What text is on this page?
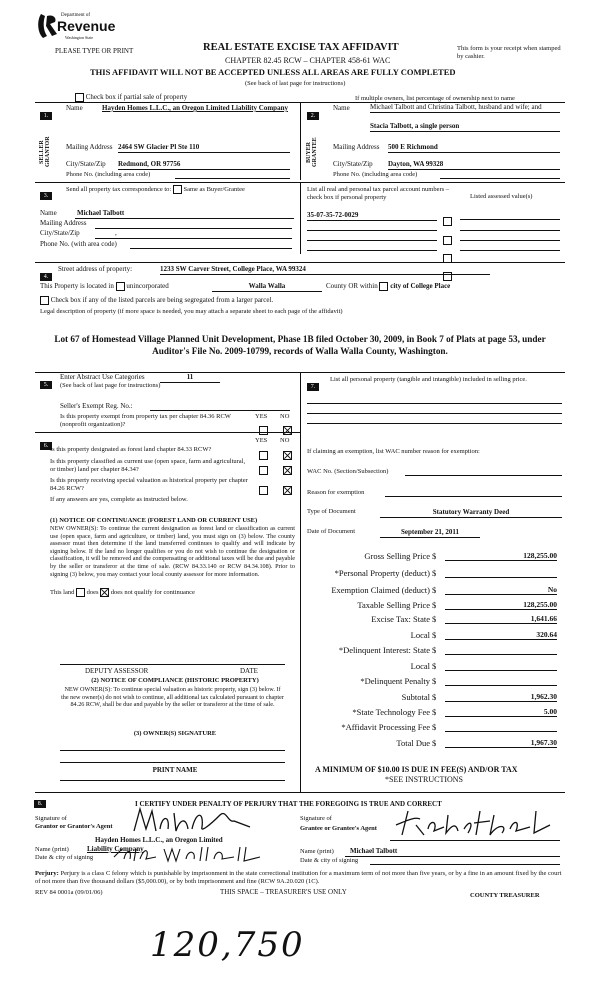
Department of
Revenue
Washington State
PLEASE TYPE OR PRINT	REAL ESTATE EXCISE TAX AFFIDAVIT
CHAPTER 82.45 RCW – CHAPTER 458-61 WAC
This form is your receipt when stamped by cashier.
THIS AFFIDAVIT WILL NOT BE ACCEPTED UNLESS ALL AREAS ARE FULLY COMPLETED
(See back of last page for instructions)
Check box if partial sale of property	If multiple owners, list percentage of ownership next to name
1.
Name	Hayden Homes L.L.C., an Oregon Limited Liability Company
SELLER GRANTOR Mailing Address 2464 SW Glacier Pl Ste 110
City/State/Zip Redmond, OR 97756
Phone No. (including area code)
2.
Name	Michael Talbott and Christina Talbott, husband and wife; and
Stacia Talbott, a single person
BUYER GRANTEE Mailing Address 500 E Richmond
City/State/Zip Dayton, WA 99328
Phone No. (including area code)
3.
Send all property tax correspondence to: Same as Buyer/Grantee
Name	Michael Talbott
Mailing Address
City/State/Zip	,
Phone No. (with area code)
List all real and personal tax parcel account numbers – check box if personal property	Listed assessed value(s)
35-07-35-72-0029

4.
Street address of property:	1233 SW Carver Street, College Place, WA 99324
This Property is located in unincorporated	Walla Walla	County OR within city of College Place
Check box if any of the listed parcels are being segregated from a larger parcel.
Legal description of property (if more space is needed, you may attach a separate sheet to each page of the affidavit)
Lot 67 of Homestead Village Planned Unit Development, Phase 1B filed October 30, 2009, in Book 7 of Plats at page 53, under Auditor's File No. 2009-10799, records of Walla Walla County, Washington.
5.
Enter Abstract Use Categories	11
(See back of last page for instructions)
Seller's Exempt Reg. No.:
Is this property exempt from property tax per chapter 84.36 RCW (nonprofit organization)?
YES NO
6.
YES NO
Is this property designated as forest land chapter 84.33 RCW?
Is this property classified as current use (open space, farm and agricultural, or timber) land per chapter 84.34?
Is this property receiving special valuation as historical property per chapter 84.26 RCW?
If any answers are yes, complete as instructed below.
(1) NOTICE OF CONTINUANCE (FOREST LAND OR CURRENT USE)
NEW OWNER(S): To continue the current designation as forest land or classification as current use (open space, farm and agriculture, or timber) land, you must sign on (3) below. The county assessor must then determine if the land transferred continues to qualify and will indicate by signing below. If the land no longer qualifies or you do not wish to continue the designation or classification, it will be removed and the compensating or additional taxes will be due and payable by the seller or transferor at the time of sale. (RCW 84.33.140 or RCW 84.34.108). Prior to signing (3) below, you may contact your local county assessor for more information.
This land does does not qualify for continuance
DEPUTY ASSESSOR	DATE
(2) NOTICE OF COMPLIANCE (HISTORIC PROPERTY)
NEW OWNER(S): To continue special valuation as historic property, sign (3) below. If the new owner(s) do not wish to continue, all additional tax calculated pursuant to chapter 84.26 RCW, shall be due and payable by the seller or transferor at the time of sale.
(3) OWNER(S) SIGNATURE
PRINT NAME
7.
List all personal property (tangible and intangible) included in selling price.
If claiming an exemption, list WAC number reason for exemption:
WAC No. (Section/Subsection)
Reason for exemption
Type of Document	Statutory Warranty Deed
Date of Document	September 21, 2011
Gross Selling Price $	128,255.00
*Personal Property (deduct) $

Exemption Claimed (deduct) $	No
Taxable Selling Price $	128,255.00
Excise Tax: State $	1,641.66
Local $	320.64
*Delinquent Interest: State $

Local $

*Delinquent Penalty $

Subtotal $	1,962.30
*State Technology Fee $	5.00
*Affidavit Processing Fee $

Total Due $	1,967.30
A MINIMUM OF $10.00 IS DUE IN FEE(S) AND/OR TAX
*SEE INSTRUCTIONS
8.	I CERTIFY UNDER PENALTY OF PERJURY THAT THE FOREGOING IS TRUE AND CORRECT
Signature of
Grantor or Grantor's Agent
Hayden Homes L.L.C., an Oregon Limited
Name (print)	Liability Company
Date & city of signing
Signature of
Grantee or Grantee's Agent
Name (print)	Michael Talbott
Date & city of signing
Perjury: Perjury is a class C felony which is punishable by imprisonment in the state correctional institution for a maximum term of not more than five years, or by a fine in an amount fixed by the court of not more than five thousand dollars ($5,000.00), or by both imprisonment and fine (RCW 9A.20.020 (1C).
REV 84 0001a (09/01/06)	THIS SPACE – TREASURER'S USE ONLY	COUNTY TREASURER
120,750
